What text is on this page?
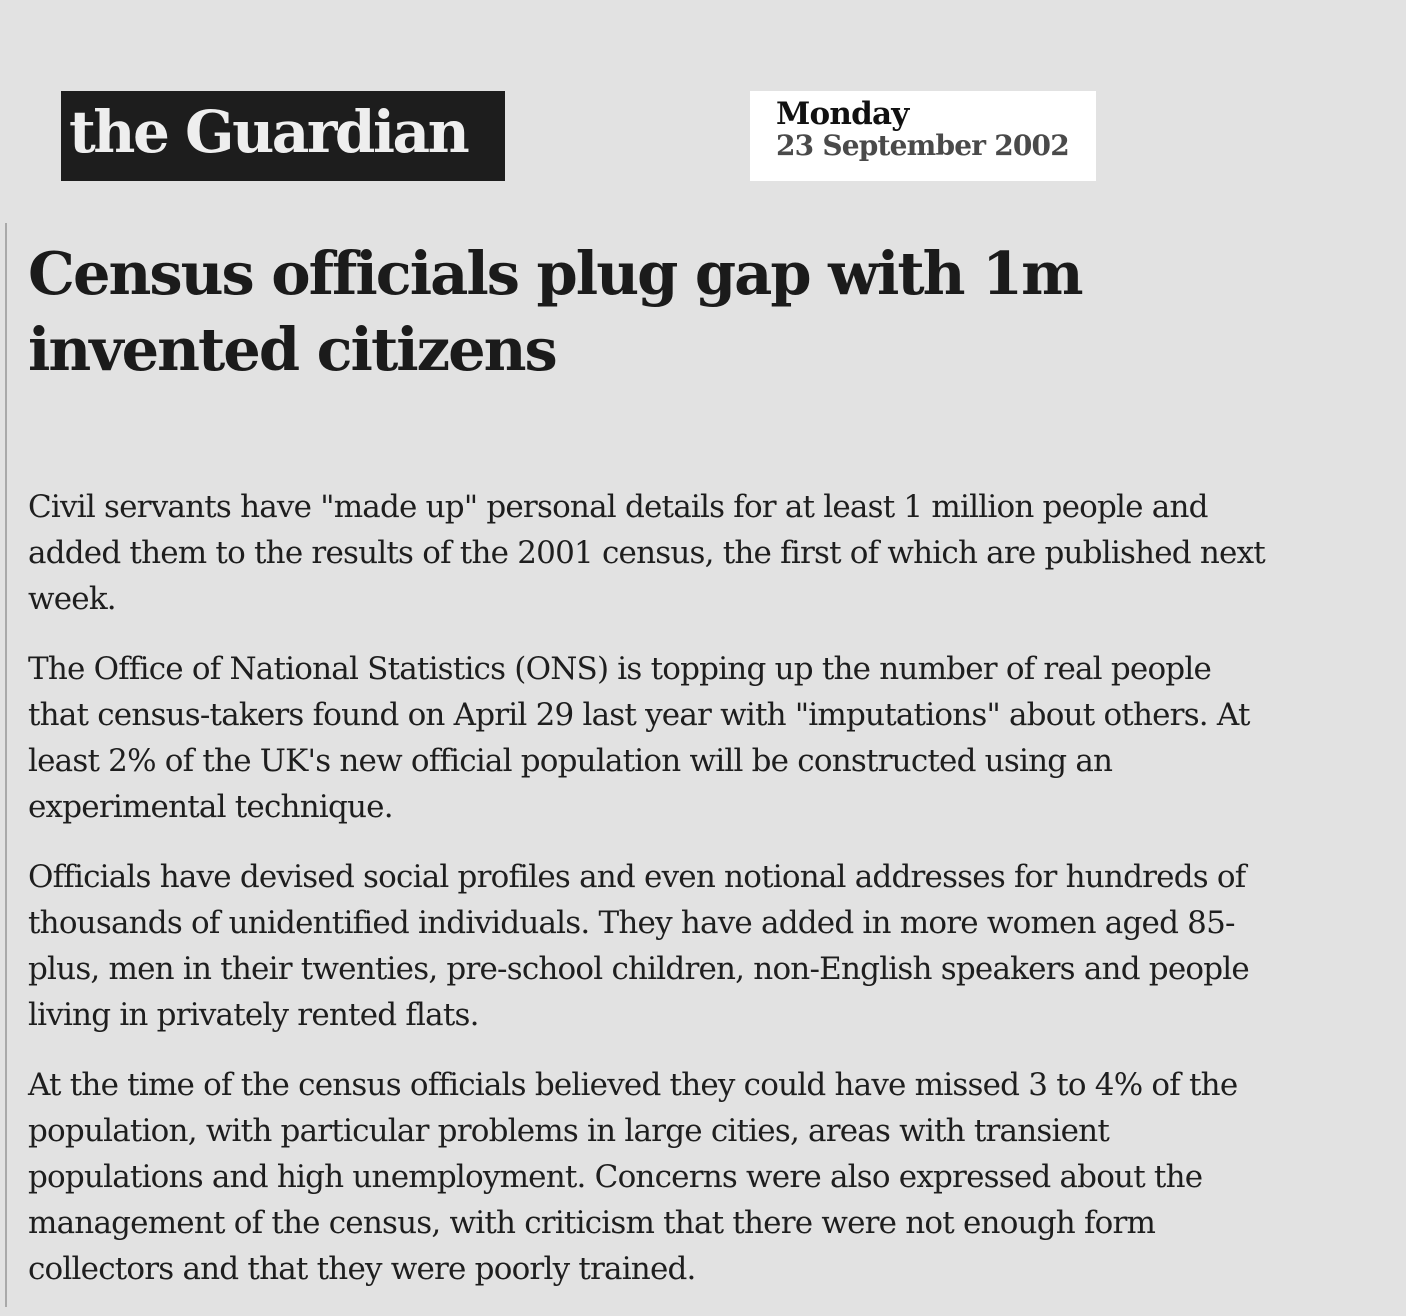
the Guardian	Monday
23 September 2002
Census officials plug gap with 1m invented citizens

Civil servants have "made up" personal details for at least 1 million people and added them to the results of the 2001 census, the first of which are published next week.

The Office of National Statistics (ONS) is topping up the number of real people that census-takers found on April 29 last year with "imputations" about others. At least 2% of the UK's new official population will be constructed using an experimental technique.

Officials have devised social profiles and even notional addresses for hundreds of thousands of unidentified individuals. They have added in more women aged 85-plus, men in their twenties, pre-school children, non-English speakers and people living in privately rented flats.

At the time of the census officials believed they could have missed 3 to 4% of the population, with particular problems in large cities, areas with transient populations and high unemployment. Concerns were also expressed about the management of the census, with criticism that there were not enough form collectors and that they were poorly trained.
